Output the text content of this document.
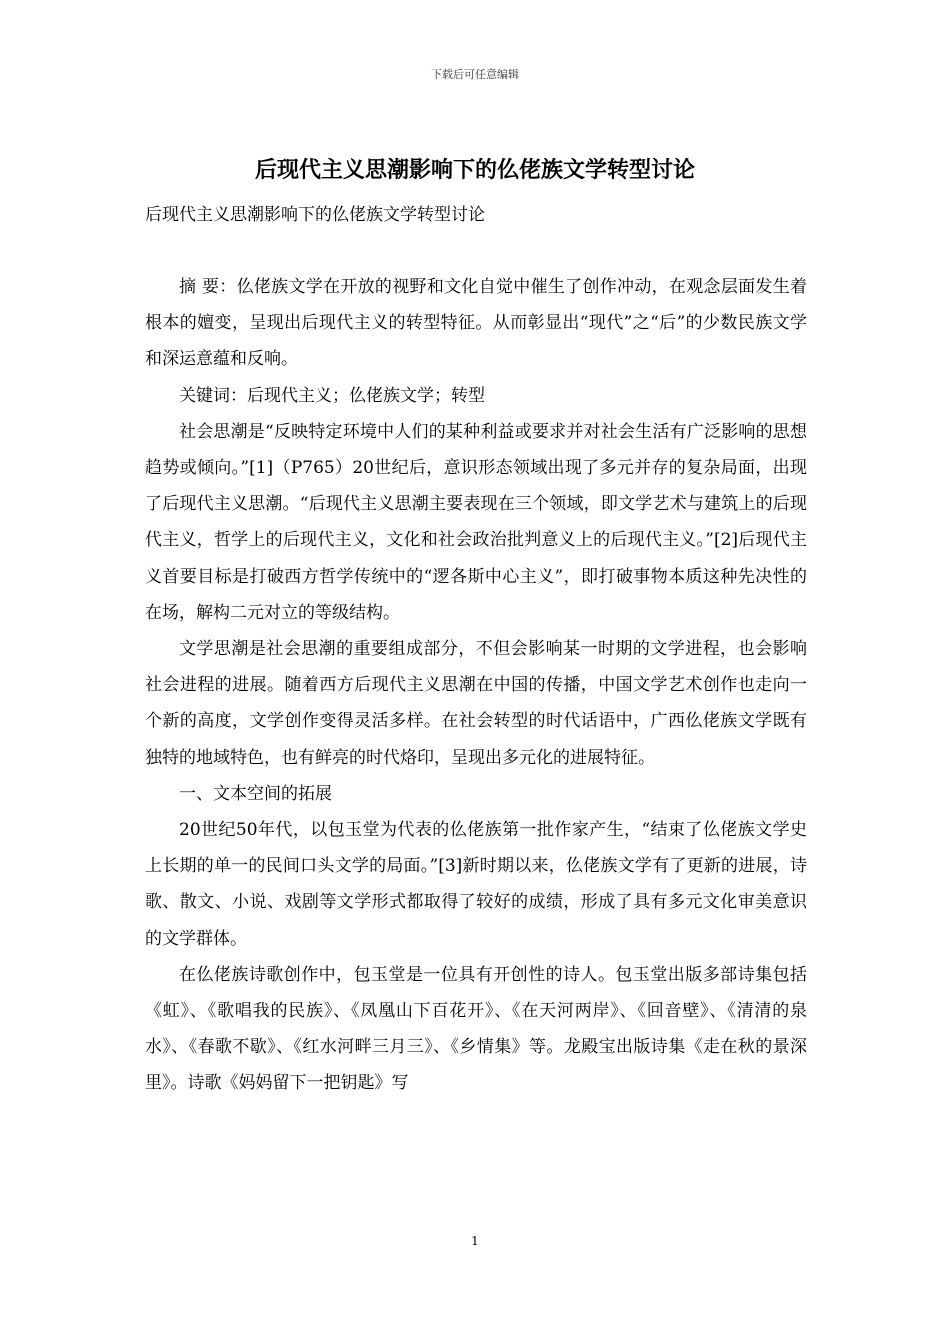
下载后可任意编辑
后现代主义思潮影响下的仫佬族文学转型讨论
后现代主义思潮影响下的仫佬族文学转型讨论

摘 要：仫佬族文学在开放的视野和文化自觉中催生了创作冲动，在观念层面发生着根本的嬗变，呈现出后现代主义的转型特征。从而彰显出“现代”之“后”的少数民族文学和深运意蕴和反响。

关键词：后现代主义；仫佬族文学；转型

社会思潮是“反映特定环境中人们的某种利益或要求并对社会生活有广泛影响的思想趋势或倾向。”[1]（P765）20世纪后，意识形态领域出现了多元并存的复杂局面，出现了后现代主义思潮。“后现代主义思潮主要表现在三个领域，即文学艺术与建筑上的后现代主义，哲学上的后现代主义，文化和社会政治批判意义上的后现代主义。”[2]后现代主义首要目标是打破西方哲学传统中的“逻各斯中心主义”，即打破事物本质这种先决性的在场，解构二元对立的等级结构。

文学思潮是社会思潮的重要组成部分，不但会影响某一时期的文学进程，也会影响社会进程的进展。随着西方后现代主义思潮在中国的传播，中国文学艺术创作也走向一个新的高度，文学创作变得灵活多样。在社会转型的时代话语中，广西仫佬族文学既有独特的地域特色，也有鲜亮的时代烙印，呈现出多元化的进展特征。

一、文本空间的拓展

20世纪50年代，以包玉堂为代表的仫佬族第一批作家产生，“结束了仫佬族文学史上长期的单一的民间口头文学的局面。”[3]新时期以来，仫佬族文学有了更新的进展，诗歌、散文、小说、戏剧等文学形式都取得了较好的成绩，形成了具有多元文化审美意识的文学群体。

在仫佬族诗歌创作中，包玉堂是一位具有开创性的诗人。包玉堂出版多部诗集包括《虹》、《歌唱我的民族》、《凤凰山下百花开》、《在天河两岸》、《回音壁》、《清清的泉水》、《春歌不歇》、《红水河畔三月三》、《乡情集》等。龙殿宝出版诗集《走在秋的景深里》。诗歌《妈妈留下一把钥匙》写

1
